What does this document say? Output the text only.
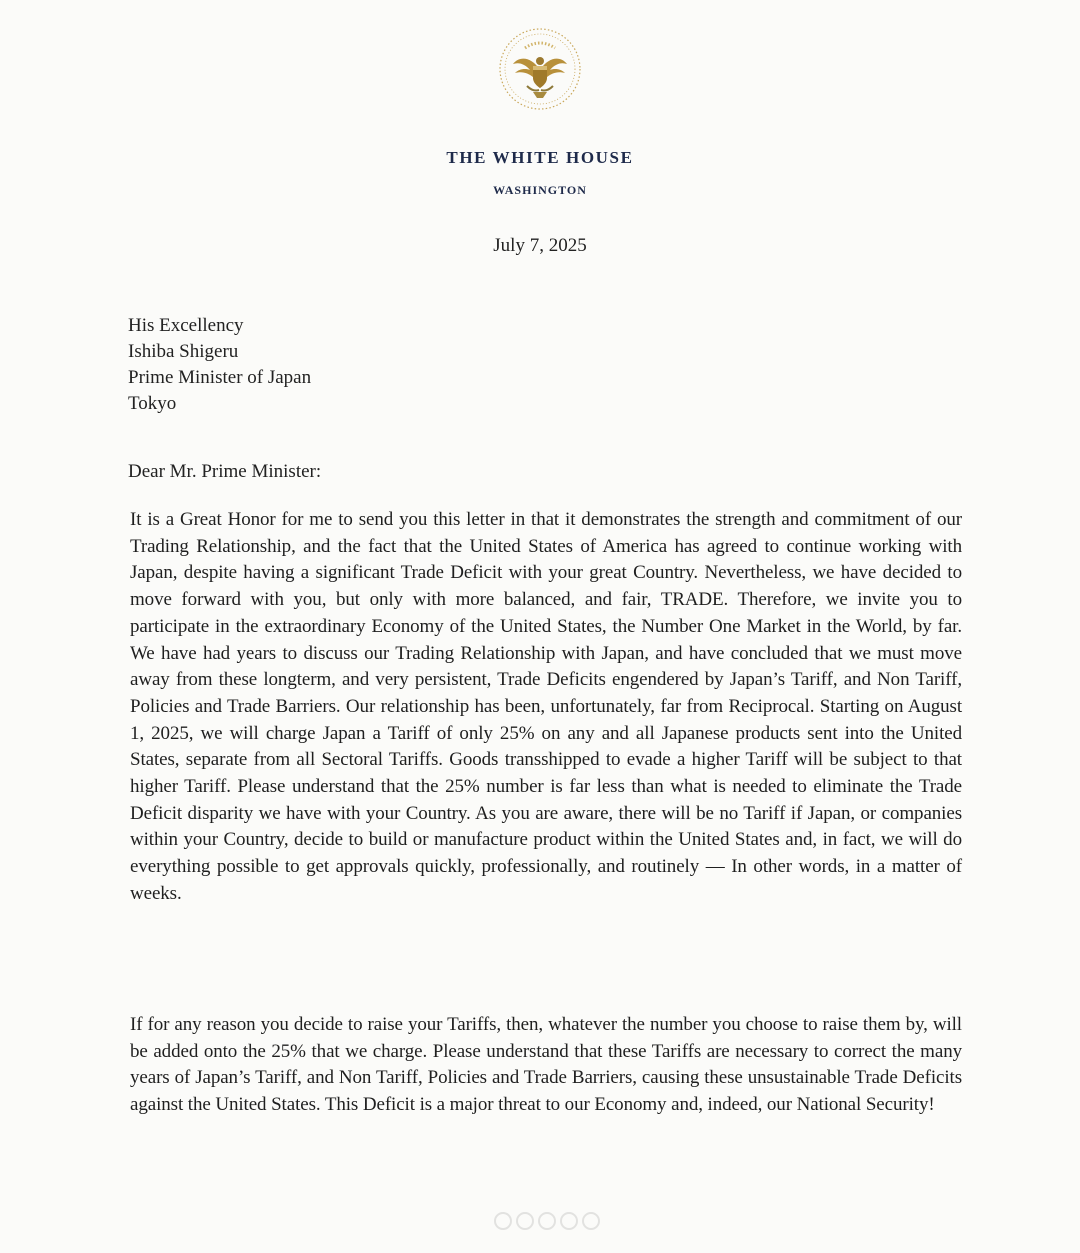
THE WHITE HOUSE
WASHINGTON
July 7, 2025
His Excellency
Ishiba Shigeru
Prime Minister of Japan
Tokyo
Dear Mr. Prime Minister:
It is a Great Honor for me to send you this letter in that it demonstrates the strength and commitment of our Trading Relationship, and the fact that the United States of America has agreed to continue working with Japan, despite having a significant Trade Deficit with your great Country. Nevertheless, we have decided to move forward with you, but only with more balanced, and fair, TRADE. Therefore, we invite you to participate in the extraordinary Economy of the United States, the Number One Market in the World, by far. We have had years to discuss our Trading Relationship with Japan, and have concluded that we must move away from these longterm, and very persistent, Trade Deficits engendered by Japan’s Tariff, and Non Tariff, Policies and Trade Barriers. Our relationship has been, unfortunately, far from Reciprocal. Starting on August 1, 2025, we will charge Japan a Tariff of only 25% on any and all Japanese products sent into the United States, separate from all Sectoral Tariffs. Goods transshipped to evade a higher Tariff will be subject to that higher Tariff. Please understand that the 25% number is far less than what is needed to eliminate the Trade Deficit disparity we have with your Country. As you are aware, there will be no Tariff if Japan, or companies within your Country, decide to build or manufacture product within the United States and, in fact, we will do everything possible to get approvals quickly, professionally, and routinely — In other words, in a matter of weeks.
If for any reason you decide to raise your Tariffs, then, whatever the number you choose to raise them by, will be added onto the 25% that we charge. Please understand that these Tariffs are necessary to correct the many years of Japan’s Tariff, and Non Tariff, Policies and Trade Barriers, causing these unsustainable Trade Deficits against the United States. This Deficit is a major threat to our Economy and, indeed, our National Security!
